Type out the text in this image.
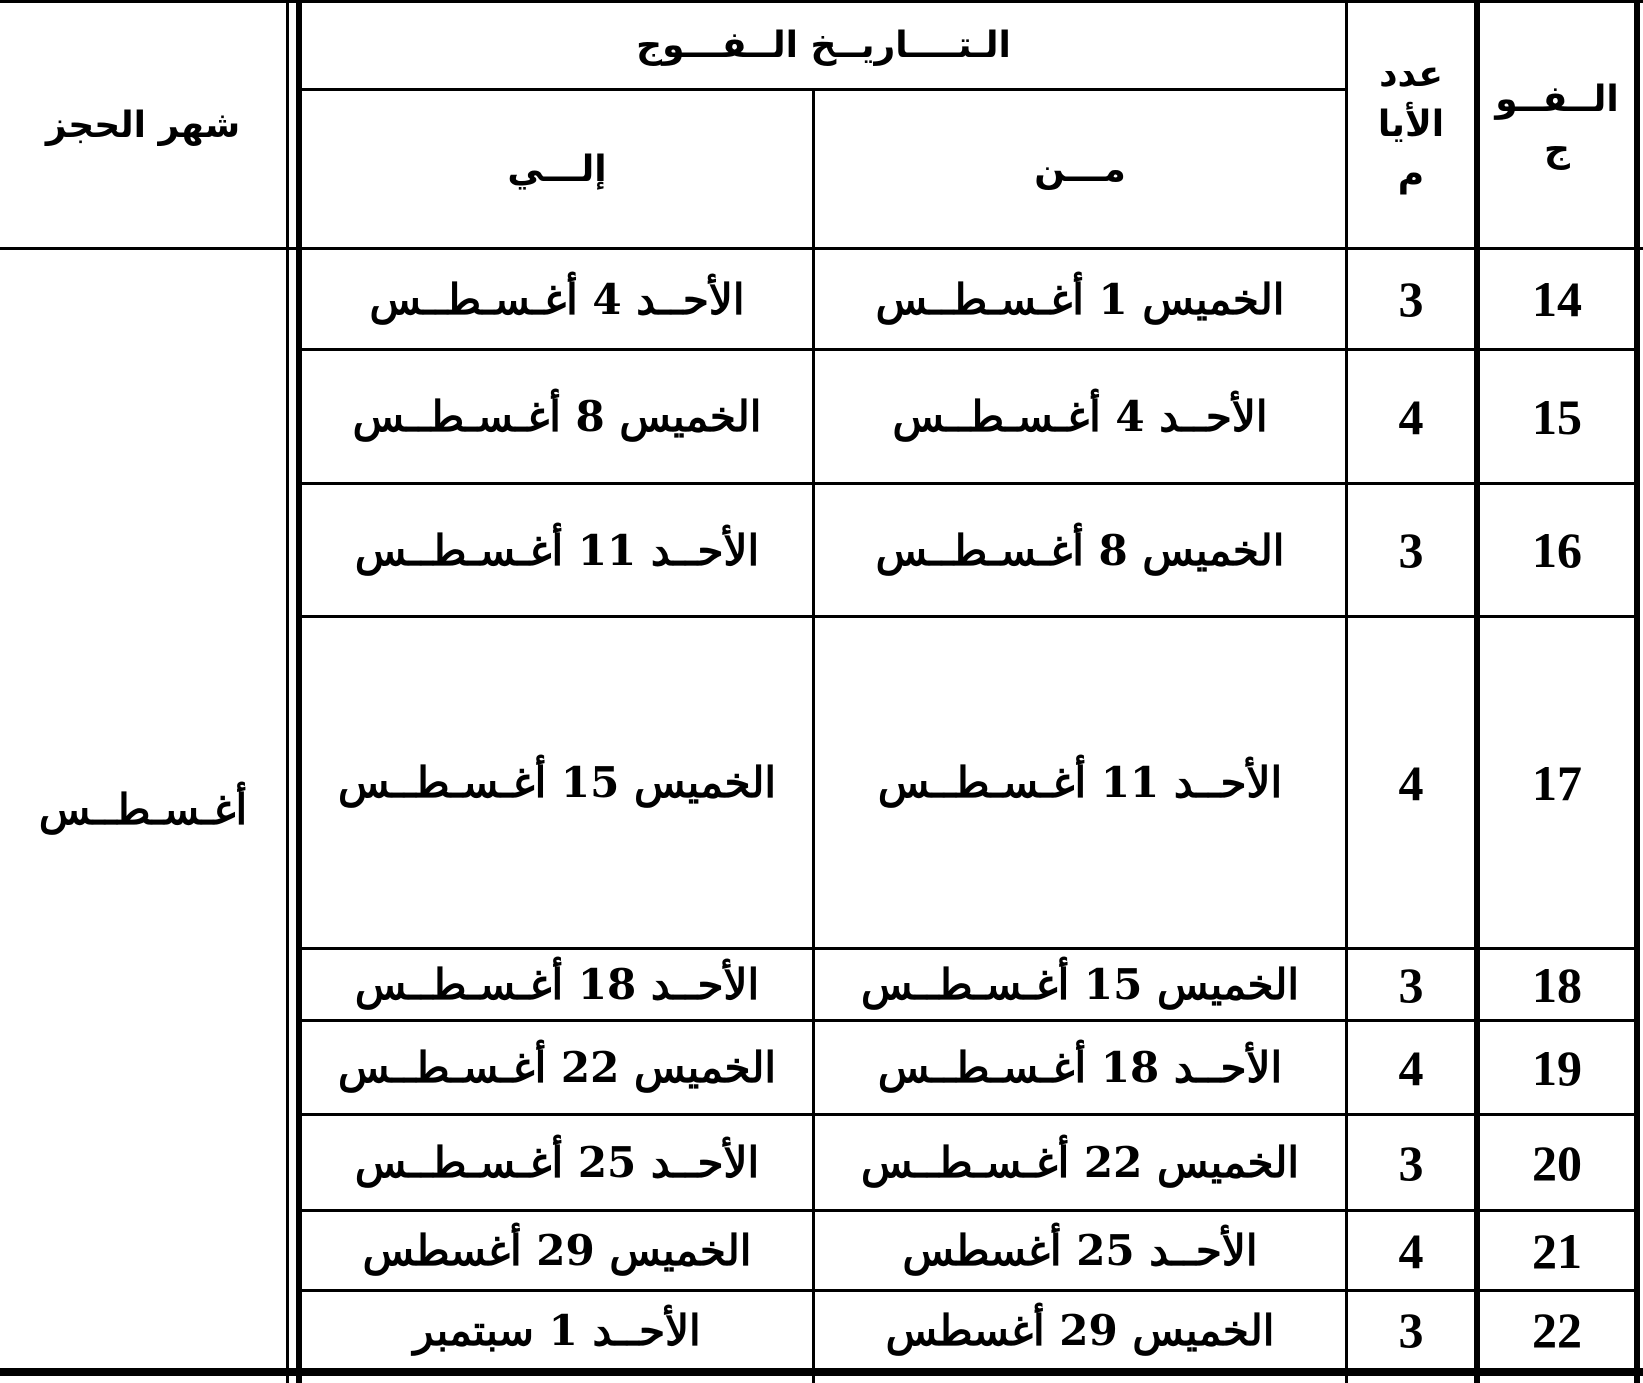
الــفــو ج
عدد الأيا م
الـتــــاريــخ الــفـــوج
مـــن
إلـــي
شهر الحجز
أغـسـطــس
14
3
الخميس 1 أغـسـطــس
الأحــد 4 أغـسـطــس
15
4
الأحــد 4 أغـسـطــس
الخميس 8 أغـسـطــس
16
3
الخميس 8 أغـسـطــس
الأحــد 11 أغـسـطــس
17
4
الأحــد 11 أغـسـطــس
الخميس 15 أغـسـطــس
18
3
الخميس 15 أغـسـطــس
الأحــد 18 أغـسـطــس
19
4
الأحــد 18 أغـسـطــس
الخميس 22 أغـسـطــس
20
3
الخميس 22 أغـسـطــس
الأحــد 25 أغـسـطــس
21
4
الأحــد 25 أغسطس
الخميس 29 أغسطس
22
3
الخميس 29 أغسطس
الأحــد 1 سبتمبر
